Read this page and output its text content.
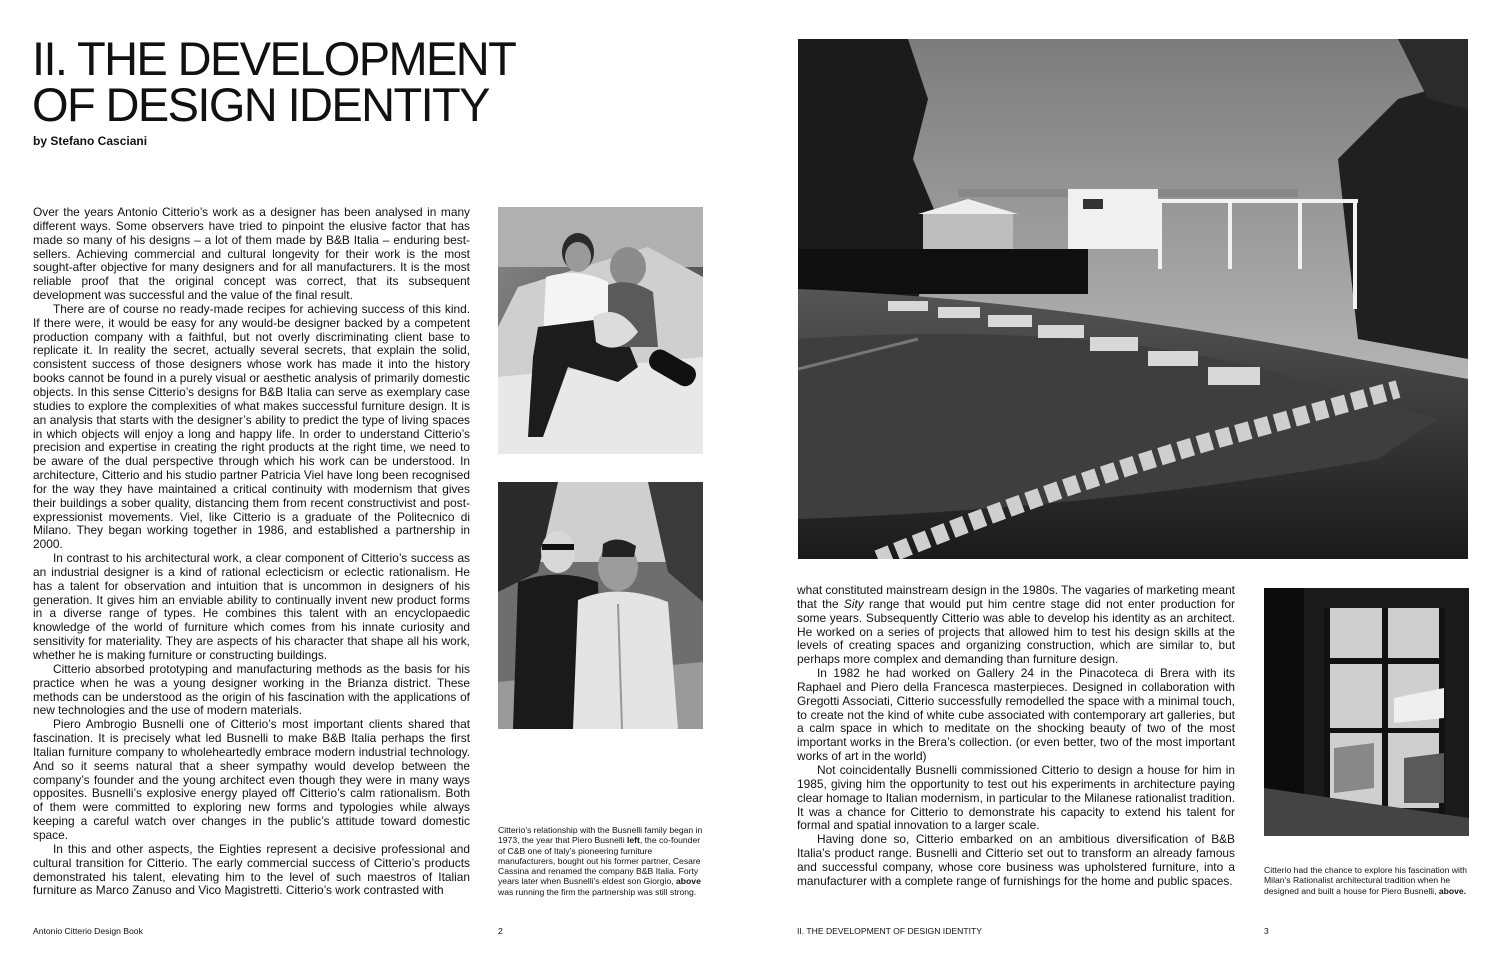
II. THE DEVELOPMENT
OF DESIGN IDENTITY
by Stefano Casciani

Over the years Antonio Citterio’s work as a designer has been analysed in many different ways. Some observers have tried to pinpoint the elusive factor that has made so many of his designs – a lot of them made by B&B Italia – enduring best-sellers. Achieving commercial and cultural longevity for their work is the most sought-after objective for many designers and for all manufacturers. It is the most reliable proof that the original concept was correct, that its subsequent development was successful and the value of the final result.

There are of course no ready-made recipes for achieving success of this kind. If there were, it would be easy for any would-be designer backed by a competent production company with a faithful, but not overly discriminating client base to replicate it. In reality the secret, actually several secrets, that explain the solid, consistent success of those designers whose work has made it into the history books cannot be found in a purely visual or aesthetic analysis of primarily domestic objects. In this sense Citterio’s designs for B&B Italia can serve as exemplary case studies to explore the complexities of what makes successful furniture design. It is an analysis that starts with the designer’s ability to predict the type of living spaces in which objects will enjoy a long and happy life. In order to understand Citterio’s precision and expertise in creating the right products at the right time, we need to be aware of the dual perspective through which his work can be understood. In architecture, Citterio and his studio partner Patricia Viel have long been recognised for the way they have maintained a critical continuity with modernism that gives their buildings a sober quality, distancing them from recent constructivist and post-expressionist movements. Viel, like Citterio is a graduate of the Politecnico di Milano. They began working together in 1986, and established a partnership in 2000.

In contrast to his architectural work, a clear component of Citterio’s success as an industrial designer is a kind of rational eclecticism or eclectic rationalism. He has a talent for observation and intuition that is uncommon in designers of his generation. It gives him an enviable ability to continually invent new product forms in a diverse range of types. He combines this talent with an encyclopaedic knowledge of the world of furniture which comes from his innate curiosity and sensitivity for materiality. They are aspects of his character that shape all his work, whether he is making furniture or constructing buildings.

Citterio absorbed prototyping and manufacturing methods as the basis for his practice when he was a young designer working in the Brianza district. These methods can be understood as the origin of his fascination with the applications of new technologies and the use of modern materials.

Piero Ambrogio Busnelli one of Citterio’s most important clients shared that fascination. It is precisely what led Busnelli to make B&B Italia perhaps the first Italian furniture company to wholeheartedly embrace modern industrial technology. And so it seems natural that a sheer sympathy would develop between the company’s founder and the young architect even though they were in many ways opposites. Busnelli’s explosive energy played off Citterio’s calm rationalism. Both of them were committed to exploring new forms and typologies while always keeping a careful watch over changes in the public’s attitude toward domestic space.

In this and other aspects, the Eighties represent a decisive professional and cultural transition for Citterio. The early commercial success of Citterio’s products demonstrated his talent, elevating him to the level of such maestros of Italian furniture as Marco Zanuso and Vico Magistretti. Citterio’s work contrasted with

Citterio’s relationship with the Busnelli family began in 1973, the year that Piero Busnelli left, the co-founder of C&B one of Italy’s pioneering furniture manufacturers, bought out his former partner, Cesare Cassina and renamed the company B&B Italia. Forty years later when Busnelli’s eldest son Giorgio, above was running the firm the partnership was still strong.
Antonio Citterio Design Book	2

what constituted mainstream design in the 1980s. The vagaries of marketing meant that the Sity range that would put him centre stage did not enter production for some years. Subsequently Citterio was able to develop his identity as an architect. He worked on a series of projects that allowed him to test his design skills at the levels of creating spaces and organizing construction, which are similar to, but perhaps more complex and demanding than furniture design.

In 1982 he had worked on Gallery 24 in the Pinacoteca di Brera with its Raphael and Piero della Francesca masterpieces. Designed in collaboration with Gregotti Associati, Citterio successfully remodelled the space with a minimal touch, to create not the kind of white cube associated with contemporary art galleries, but a calm space in which to meditate on the shocking beauty of two of the most important works in the Brera’s collection. (or even better, two of the most important works of art in the world)

Not coincidentally Busnelli commissioned Citterio to design a house for him in 1985, giving him the opportunity to test out his experiments in architecture paying clear homage to Italian modernism, in particular to the Milanese rationalist tradition. It was a chance for Citterio to demonstrate his capacity to extend his talent for formal and spatial innovation to a larger scale.

Having done so, Citterio embarked on an ambitious diversification of B&B Italia’s product range. Busnelli and Citterio set out to transform an already famous and successful company, whose core business was upholstered furniture, into a manufacturer with a complete range of furnishings for the home and public spaces.

Citterio had the chance to explore his fascination with Milan’s Rationalist architectural tradition when he designed and built a house for Piero Busnelli, above.
II. THE DEVELOPMENT OF DESIGN IDENTITY	3
